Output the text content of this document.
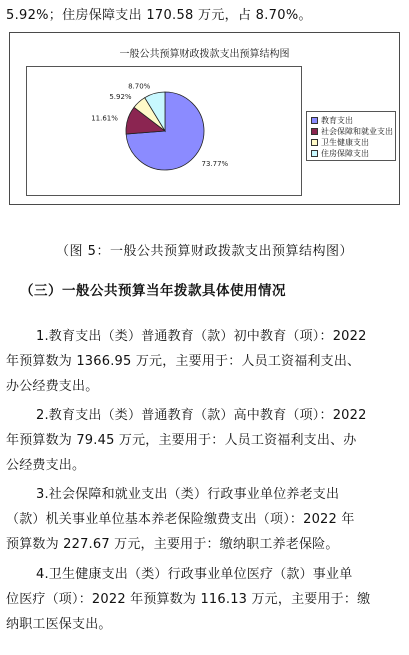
5.92%；住房保障支出 170.58 万元，占 8.70%。
一般公共预算财政拨款支出预算结构图
73.77%
11.61%
5.92%
8.70%
教育支出
社会保障和就业支出
卫生健康支出
住房保障支出
（图 5：一般公共预算财政拨款支出预算结构图）
（三）一般公共预算当年拨款具体使用情况
1.教育支出（类）普通教育（款）初中教育（项）：2022
年预算数为 1366.95 万元，主要用于：人员工资福利支出、
办公经费支出。
2.教育支出（类）普通教育（款）高中教育（项）：2022
年预算数为 79.45 万元，主要用于：人员工资福利支出、办
公经费支出。
3.社会保障和就业支出（类）行政事业单位养老支出
（款）机关事业单位基本养老保险缴费支出（项）：2022 年
预算数为 227.67 万元，主要用于：缴纳职工养老保险。
4.卫生健康支出（类）行政事业单位医疗（款）事业单
位医疗（项）：2022 年预算数为 116.13 万元，主要用于：缴
纳职工医保支出。
